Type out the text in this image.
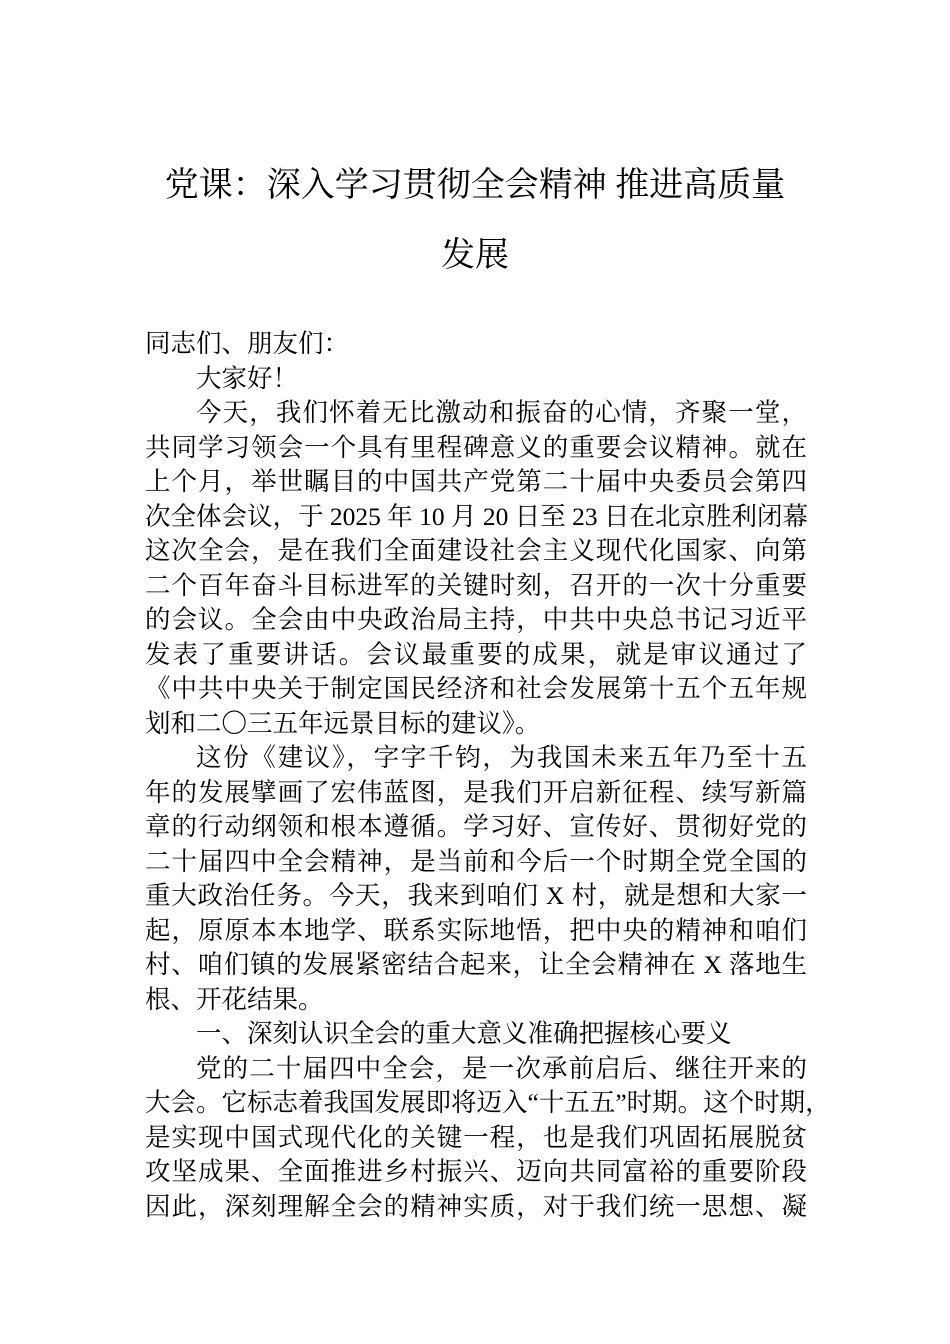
党课：深入学习贯彻全会精神 推进高质量
发展
同志们、朋友们：
大家好！
今天，我们怀着无比激动和振奋的心情，齐聚一堂，
共同学习领会一个具有里程碑意义的重要会议精神。就在
上个月，举世瞩目的中国共产党第二十届中央委员会第四
次全体会议，于 2025 年 10 月 20 日至 23 日在北京胜利闭幕
这次全会，是在我们全面建设社会主义现代化国家、向第
二个百年奋斗目标进军的关键时刻，召开的一次十分重要
的会议。全会由中央政治局主持，中共中央总书记习近平
发表了重要讲话。会议最重要的成果，就是审议通过了
《中共中央关于制定国民经济和社会发展第十五个五年规
划和二〇三五年远景目标的建议》。
这份《建议》，字字千钧，为我国未来五年乃至十五
年的发展擘画了宏伟蓝图，是我们开启新征程、续写新篇
章的行动纲领和根本遵循。学习好、宣传好、贯彻好党的
二十届四中全会精神，是当前和今后一个时期全党全国的
重大政治任务。今天，我来到咱们 X 村，就是想和大家一
起，原原本本地学、联系实际地悟，把中央的精神和咱们
村、咱们镇的发展紧密结合起来，让全会精神在 X 落地生
根、开花结果。
一、深刻认识全会的重大意义准确把握核心要义
党的二十届四中全会，是一次承前启后、继往开来的
大会。它标志着我国发展即将迈入“十五五”时期。这个时期，
是实现中国式现代化的关键一程，也是我们巩固拓展脱贫
攻坚成果、全面推进乡村振兴、迈向共同富裕的重要阶段
因此，深刻理解全会的精神实质，对于我们统一思想、凝
